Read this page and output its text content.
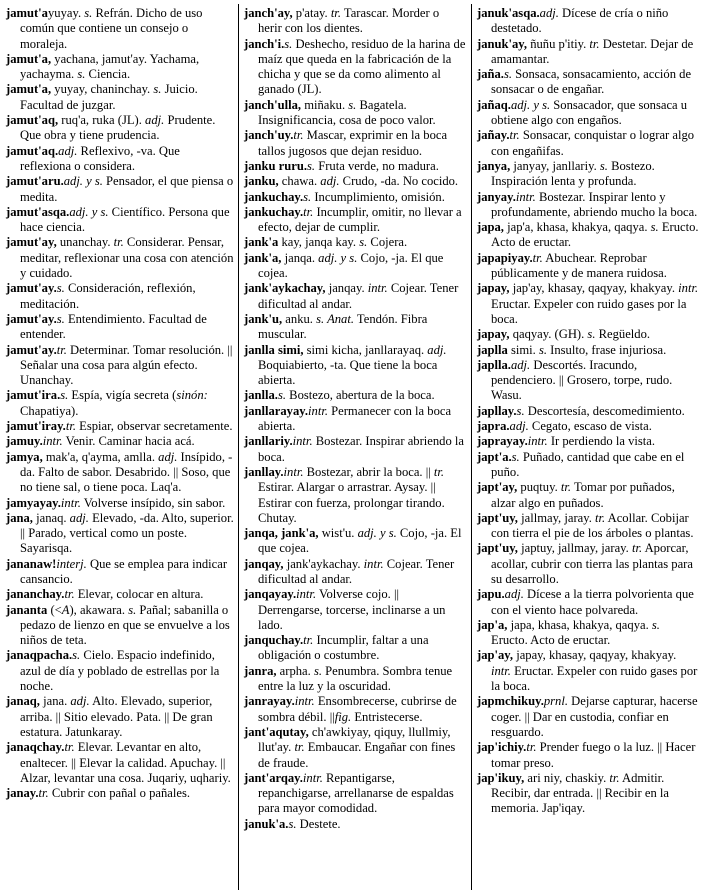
jamut'ayuyay. s. Refrán. Dicho de uso común que contiene un consejo o moraleja.

jamut'a, yachana, jamut'ay. Yachama, yachayma. s. Ciencia.

jamut'a, yuyay, chaninchay. s. Juicio. Facultad de juzgar.

jamut'aq, ruq'a, ruka (JL). adj. Prudente. Que obra y tiene prudencia.

jamut'aq.adj. Reflexivo, -va. Que reflexiona o considera.

jamut'aru.adj. y s. Pensador, el que piensa o medita.

jamut'asqa.adj. y s. Científico. Persona que hace ciencia.

jamut'ay, unanchay. tr. Considerar. Pensar, meditar, reflexionar una cosa con atención y cuidado.

jamut'ay.s. Consideración, reflexión, meditación.

jamut'ay.s. Entendimiento. Facultad de entender.

jamut'ay.tr. Determinar. Tomar resolución. || Señalar una cosa para algún efecto. Unanchay.

jamut'ira.s. Espía, vigía secreta (sinón: Chapatiya).

jamut'iray.tr. Espiar, observar secretamente.

jamuy.intr. Venir. Caminar hacia acá.

jamya, mak'a, q'ayma, amlla. adj. Insípido, -da. Falto de sabor. Desabrido. || Soso, que no tiene sal, o tiene poca. Laq'a.

jamyayay.intr. Volverse insípido, sin sabor.

jana, janaq. adj. Elevado, -da. Alto, superior. || Parado, vertical como un poste. Sayarisqa.

jananaw!interj. Que se emplea para indicar cansancio.

jananchay.tr. Elevar, colocar en altura.

jananta (<A), akawara. s. Pañal; sabanilla o pedazo de lienzo en que se envuelve a los niños de teta.

janaqpacha.s. Cielo. Espacio indefinido, azul de día y poblado de estrellas por la noche.

janaq, jana. adj. Alto. Elevado, superior, arriba. || Sitio elevado. Pata. || De gran estatura. Jatunkaray.

janaqchay.tr. Elevar. Levantar en alto, enaltecer. || Elevar la calidad. Apuchay. || Alzar, levantar una cosa. Juqariy, uqhariy.

janay.tr. Cubrir con pañal o pañales.

janch'ay, p'atay. tr. Tarascar. Morder o herir con los dientes.

janch'i.s. Deshecho, residuo de la harina de maíz que queda en la fabricación de la chicha y que se da como alimento al ganado (JL).

janch'ulla, miñaku. s. Bagatela. Insignificancia, cosa de poco valor.

janch'uy.tr. Mascar, exprimir en la boca tallos jugosos que dejan residuo.

janku ruru.s. Fruta verde, no madura.

janku, chawa. adj. Crudo, -da. No cocido.

jankuchay.s. Incumplimiento, omisión.

jankuchay.tr. Incumplir, omitir, no llevar a efecto, dejar de cumplir.

jank'a kay, janqa kay. s. Cojera.

jank'a, janqa. adj. y s. Cojo, -ja. El que cojea.

jank'aykachay, janqay. intr. Cojear. Tener dificultad al andar.

jank'u, anku. s. Anat. Tendón. Fibra muscular.

janlla simi, simi kicha, janllarayaq. adj. Boquiabierto, -ta. Que tiene la boca abierta.

janlla.s. Bostezo, abertura de la boca.

janllarayay.intr. Permanecer con la boca abierta.

janllariy.intr. Bostezar. Inspirar abriendo la boca.

janllay.intr. Bostezar, abrir la boca. || tr. Estirar. Alargar o arrastrar. Aysay. || Estirar con fuerza, prolongar tirando. Chutay.

janqa, jank'a, wist'u. adj. y s. Cojo, -ja. El que cojea.

janqay, jank'aykachay. intr. Cojear. Tener dificultad al andar.

janqayay.intr. Volverse cojo. || Derrengarse, torcerse, inclinarse a un lado.

janquchay.tr. Incumplir, faltar a una obligación o costumbre.

janra, arpha. s. Penumbra. Sombra tenue entre la luz y la oscuridad.

janrayay.intr. Ensombrecerse, cubrirse de sombra débil. ||fig. Entristecerse.

jant'aqutay, ch'awkiyay, qiquy, llullmiy, llut'ay. tr. Embaucar. Engañar con fines de fraude.

jant'arqay.intr. Repantigarse, repanchigarse, arrellanarse de espaldas para mayor comodidad.

januk'a.s. Destete.

januk'asqa.adj. Dícese de cría o niño destetado.

januk'ay, ñuñu p'itiy. tr. Destetar. Dejar de amamantar.

jaña.s. Sonsaca, sonsacamiento, acción de sonsacar o de engañar.

jañaq.adj. y s. Sonsacador, que sonsaca u obtiene algo con engaños.

jañay.tr. Sonsacar, conquistar o lograr algo con engañifas.

janya, janyay, janllariy. s. Bostezo. Inspiración lenta y profunda.

janyay.intr. Bostezar. Inspirar lento y profundamente, abriendo mucho la boca.

japa, jap'a, khasa, khakya, qaqya. s. Eructo. Acto de eructar.

japapiyay.tr. Abuchear. Reprobar públicamente y de manera ruidosa.

japay, jap'ay, khasay, qaqyay, khakyay. intr. Eructar. Expeler con ruido gases por la boca.

japay, qaqyay. (GH). s. Regüeldo.

japlla simi. s. Insulto, frase injuriosa.

japlla.adj. Descortés. Iracundo, pendenciero. || Grosero, torpe, rudo. Wasu.

japllay.s. Descortesía, descomedimiento.

japra.adj. Cegato, escaso de vista.

japrayay.intr. Ir perdiendo la vista.

japt'a.s. Puñado, cantidad que cabe en el puño.

japt'ay, puqtuy. tr. Tomar por puñados, alzar algo en puñados.

japt'uy, jallmay, jaray. tr. Acollar. Cobijar con tierra el pie de los árboles o plantas.

japt'uy, japtuy, jallmay, jaray. tr. Aporcar, acollar, cubrir con tierra las plantas para su desarrollo.

japu.adj. Dícese a la tierra polvorienta que con el viento hace polvareda.

jap'a, japa, khasa, khakya, qaqya. s. Eructo. Acto de eructar.

jap'ay, japay, khasay, qaqyay, khakyay. intr. Eructar. Expeler con ruido gases por la boca.

japmchikuy.prnl. Dejarse capturar, hacerse coger. || Dar en custodia, confiar en resguardo.

jap'ichiy.tr. Prender fuego o la luz. || Hacer tomar preso.

jap'ikuy, ari niy, chaskiy. tr. Admitir. Recibir, dar entrada. || Recibir en la memoria. Jap'iqay.
